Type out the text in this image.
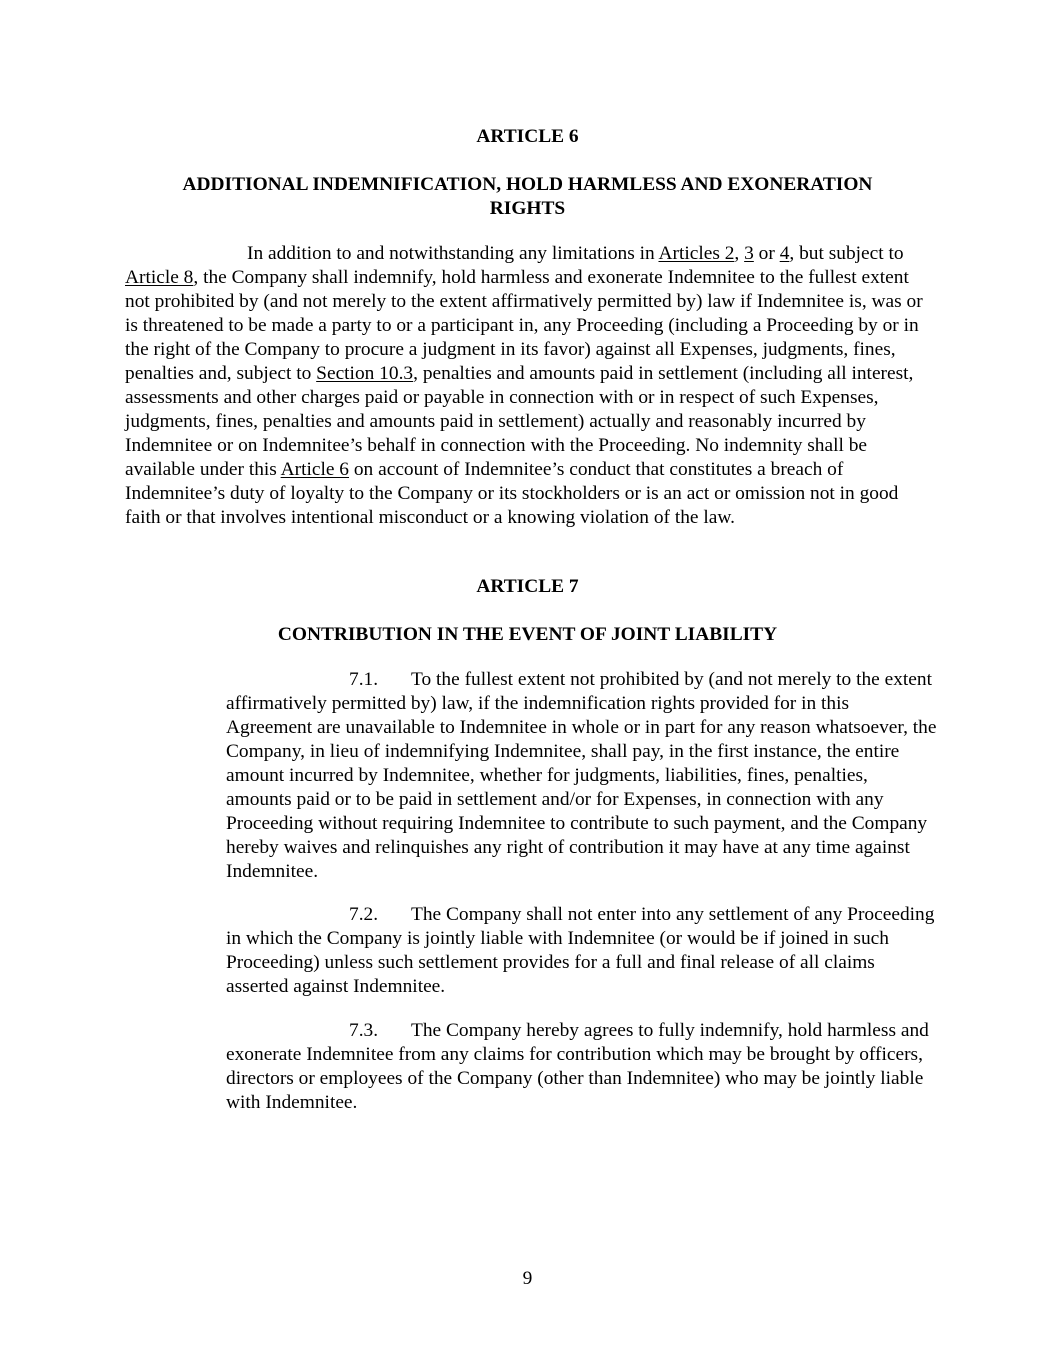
ARTICLE 6
ADDITIONAL INDEMNIFICATION, HOLD HARMLESS AND EXONERATION
RIGHTS

In addition to and notwithstanding any limitations in Articles 2, 3 or 4, but subject to Article 8, the Company shall indemnify, hold harmless and exonerate Indemnitee to the fullest extent not prohibited by (and not merely to the extent affirmatively permitted by) law if Indemnitee is, was or is threatened to be made a party to or a participant in, any Proceeding (including a Proceeding by or in the right of the Company to procure a judgment in its favor) against all Expenses, judgments, fines, penalties and, subject to Section 10.3, penalties and amounts paid in settlement (including all interest, assessments and other charges paid or payable in connection with or in respect of such Expenses, judgments, fines, penalties and amounts paid in settlement) actually and reasonably incurred by Indemnitee or on Indemnitee’s behalf in connection with the Proceeding. No indemnity shall be available under this Article 6 on account of Indemnitee’s conduct that constitutes a breach of Indemnitee’s duty of loyalty to the Company or its stockholders or is an act or omission not in good faith or that involves intentional misconduct or a knowing violation of the law.

ARTICLE 7
CONTRIBUTION IN THE EVENT OF JOINT LIABILITY

7.1. To the fullest extent not prohibited by (and not merely to the extent affirmatively permitted by) law, if the indemnification rights provided for in this Agreement are unavailable to Indemnitee in whole or in part for any reason whatsoever, the Company, in lieu of indemnifying Indemnitee, shall pay, in the first instance, the entire amount incurred by Indemnitee, whether for judgments, liabilities, fines, penalties, amounts paid or to be paid in settlement and/or for Expenses, in connection with any Proceeding without requiring Indemnitee to contribute to such payment, and the Company hereby waives and relinquishes any right of contribution it may have at any time against Indemnitee.

7.2. The Company shall not enter into any settlement of any Proceeding in which the Company is jointly liable with Indemnitee (or would be if joined in such Proceeding) unless such settlement provides for a full and final release of all claims asserted against Indemnitee.

7.3. The Company hereby agrees to fully indemnify, hold harmless and exonerate Indemnitee from any claims for contribution which may be brought by officers, directors or employees of the Company (other than Indemnitee) who may be jointly liable with Indemnitee.

9
